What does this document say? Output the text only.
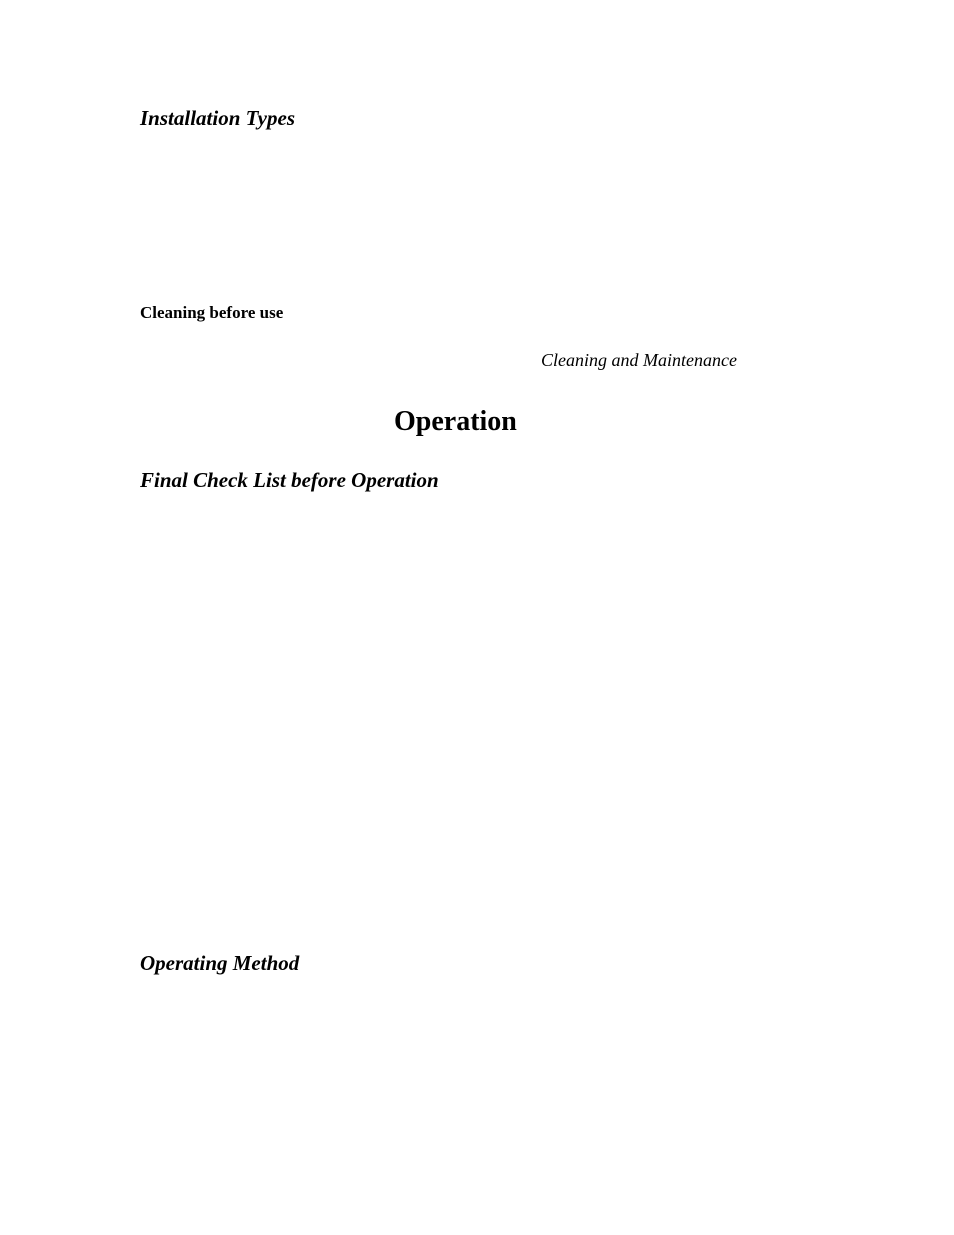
Installation Types
Cleaning before use
Cleaning and Maintenance
Operation
Final Check List before Operation
Operating Method
